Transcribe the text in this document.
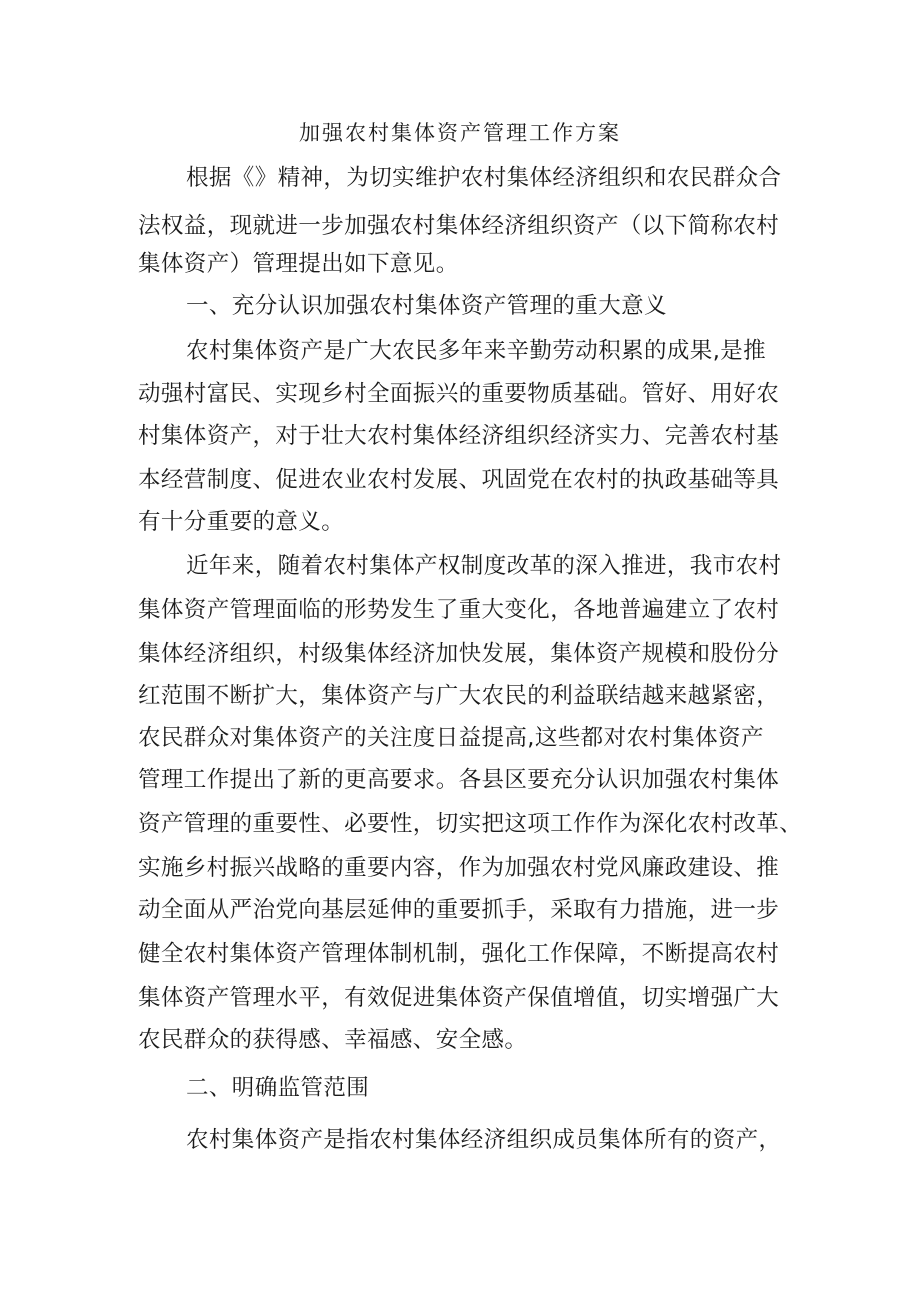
加强农村集体资产管理工作方案
根据《》精神，为切实维护农村集体经济组织和农民群众合
法权益，现就进一步加强农村集体经济组织资产（以下简称农村
集体资产）管理提出如下意见。
一、充分认识加强农村集体资产管理的重大意义
农村集体资产是广大农民多年来辛勤劳动积累的成果,是推
动强村富民、实现乡村全面振兴的重要物质基础。管好、用好农
村集体资产，对于壮大农村集体经济组织经济实力、完善农村基
本经营制度、促进农业农村发展、巩固党在农村的执政基础等具
有十分重要的意义。
近年来，随着农村集体产权制度改革的深入推进，我市农村
集体资产管理面临的形势发生了重大变化，各地普遍建立了农村
集体经济组织，村级集体经济加快发展，集体资产规模和股份分
红范围不断扩大，集体资产与广大农民的利益联结越来越紧密，
农民群众对集体资产的关注度日益提高,这些都对农村集体资产
管理工作提出了新的更高要求。各县区要充分认识加强农村集体
资产管理的重要性、必要性，切实把这项工作作为深化农村改革、
实施乡村振兴战略的重要内容，作为加强农村党风廉政建设、推
动全面从严治党向基层延伸的重要抓手，采取有力措施，进一步
健全农村集体资产管理体制机制，强化工作保障，不断提高农村
集体资产管理水平，有效促进集体资产保值增值，切实增强广大
农民群众的获得感、幸福感、安全感。
二、明确监管范围
农村集体资产是指农村集体经济组织成员集体所有的资产，
